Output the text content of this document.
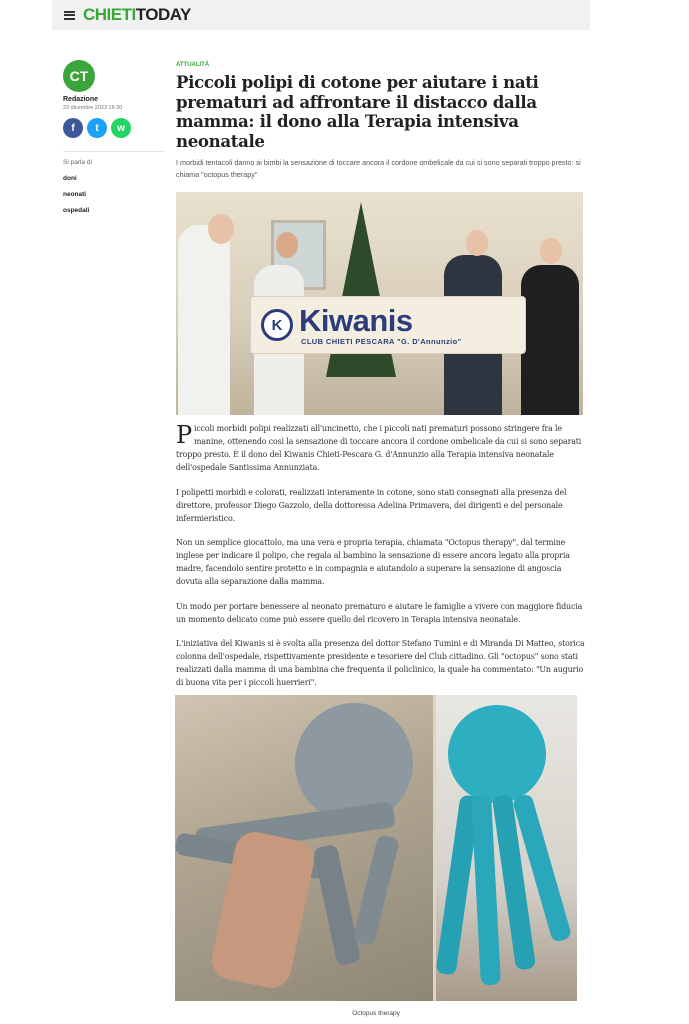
CHIETITODAY
CT
Redazione
23 dicembre 2023 16:30
f	t	w
Si parla di
doni
neonati
ospedali
ATTUALITÀ
Piccoli polipi di cotone per aiutare i nati prematuri ad affrontare il distacco dalla mamma: il dono alla Terapia intensiva neonatale
I morbidi tentacoli danno ai bimbi la sensazione di toccare ancora il cordone ombelicale da cui si sono separati troppo presto: si chiama "octopus therapy"
K Kiwanis
CLUB CHIETI PESCARA "G. D'Annunzio"

Piccoli morbidi polipi realizzati all'uncinetto, che i piccoli nati prematuri possono stringere fra le manine, ottenendo così la sensazione di toccare ancora il cordone ombelicale da cui si sono separati troppo presto. È il dono del Kiwanis Chieti-Pescara G. d'Annunzio alla Terapia intensiva neonatale dell'ospedale Santissima Annunziata.

I polipetti morbidi e colorati, realizzati interamente in cotone, sono stati consegnati alla presenza del direttore, professor Diego Gazzolo, della dottoressa Adelina Primavera, dei dirigenti e del personale infermieristico.

Non un semplice giocattolo, ma una vera e propria terapia, chiamata "Octopus therapy", dal termine inglese per indicare il polipo, che regala al bambino la sensazione di essere ancora legato alla propria madre, facendolo sentire protetto e in compagnia e aiutandolo a superare la sensazione di angoscia dovuta alla separazione dalla mamma.

Un modo per portare benessere al neonato prematuro e aiutare le famiglie a vivere con maggiore fiducia un momento delicato come può essere quello del ricovero in Terapia intensiva neonatale.

L'iniziativa del Kiwanis si è svolta alla presenza del dottor Stefano Tumini e di Miranda Di Matteo, storica colonna dell'ospedale, rispettivamente presidente e tesoriere del Club cittadino. Gli "octopus" sono stati realizzati dalla mamma di una bambina che frequenta il policlinico, la quale ha commentato: "Un augurio di buona vita per i piccoli huerrieri".

Octopus therapy
